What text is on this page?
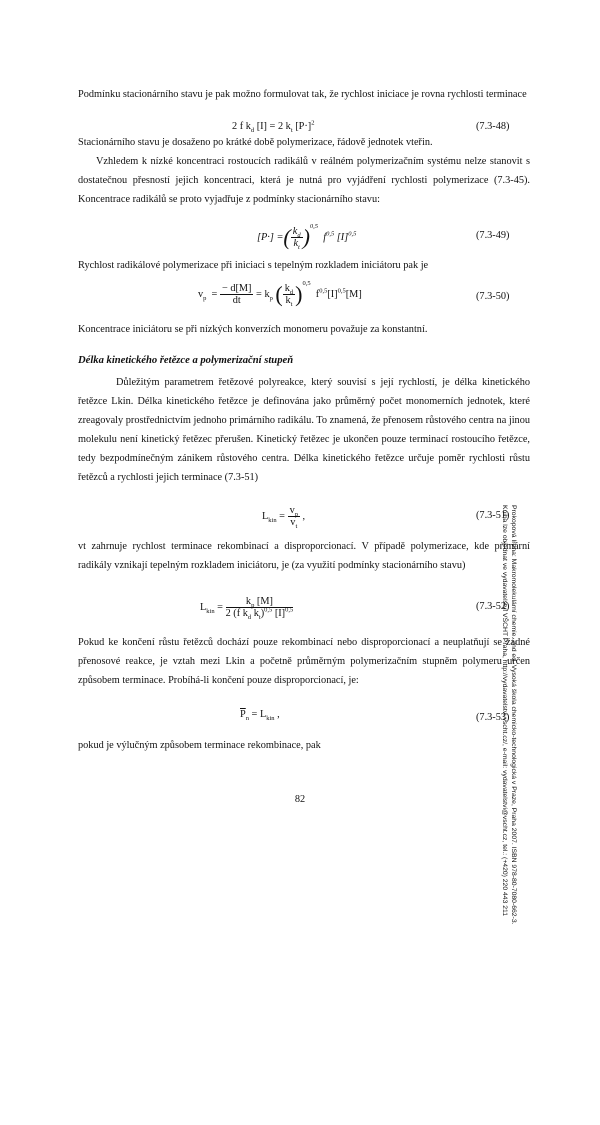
Prokopová Irena: Makromolekulární chemie. 2nd ed. Vysoká škola chemicko-technologická v Praze, Praha 2007. ISBN 978-80-7080-662-3.
Kniha lze objednat ve vydavatelství VŠCHT Praha, http://vydavatelstvi.vscht.cz/, e-mail: vydavatelstvi@vscht.cz, tel.: (+420) 220 443 211
Podmínku stacionárního stavu je pak možno formulovat tak, že rychlost iniciace je rovna rychlosti terminace
2 f $k_d$ [I] = 2 $k_t$ $[P\cdot]^2$	(7.3-48)
Stacionárního stavu je dosaženo po krátké době polymerizace, řádově jednotek vteřin.
Vzhledem k nízké koncentraci rostoucích radikálů v reálném polymerizačním systému nelze stanovit s dostatečnou přesností jejich koncentraci, která je nutná pro vyjádření rychlosti polymerizace (7.3-45). Koncentrace radikálů se proto vyjadřuje z podmínky stacionárního stavu:
[P·] =( $\frac{k_d}{k_t} )^{0,5}$  $f^{0,5}$ $[I]^{0,5}$	(7.3-49)
Rychlost radikálové polymerizace při iniciaci s tepelným rozkladem iniciátoru pak je
$v_p = \frac{- d[M]}{dt} = k_p$ ( $\frac{k_d}{k_t} )^{0,5}$  $f^{0,5}[I]^{0,5}[M]$	(7.3-50)
Koncentrace iniciátoru se při nízkých konverzích monomeru považuje za konstantní.
Délka kinetického řetězce a polymerizační stupeň
Důležitým parametrem řetězové polyreakce, který souvisí s její rychlostí, je délka kinetického řetězce Lkin. Délka kinetického řetězce je definována jako průměrný počet monomerních jednotek, které zreagovaly prostřednictvím jednoho primárního radikálu. To znamená, že přenosem růstového centra na jinou molekulu není kinetický řetězec přerušen. Kinetický řetězec je ukončen pouze terminací rostoucího řetězce, tedy bezpodmínečným zánikem růstového centra. Délka kinetického řetězce určuje poměr rychlosti růstu řetězců a rychlosti jejich terminace (7.3-51)
$L_{kin} = \frac{v_p}{v_t}$ ,	(7.3-51)
vt zahrnuje rychlost terminace rekombinací a disproporcionací. V případě polymerizace, kde primární radikály vznikají tepelným rozkladem iniciátoru, je (za využití podmínky stacionárního stavu)
$L_{kin} = \frac{k_p [M]}{2 (f k_d k_t)^{0,5} [I]^{0,5}}$	(7.3-52)
Pokud ke končení růstu řetězců dochází pouze rekombinací nebo disproporcionací a neuplatňují se žádné přenosové reakce, je vztah mezi Lkin a početně průměrným polymerizačním stupněm polymeru určen způsobem terminace. Probíhá-li končení pouze disproporcionací, je:
$\overline{P}_n = L_{kin}$ ,	(7.3-53)
pokud je výlučným způsobem terminace rekombinace, pak
82
